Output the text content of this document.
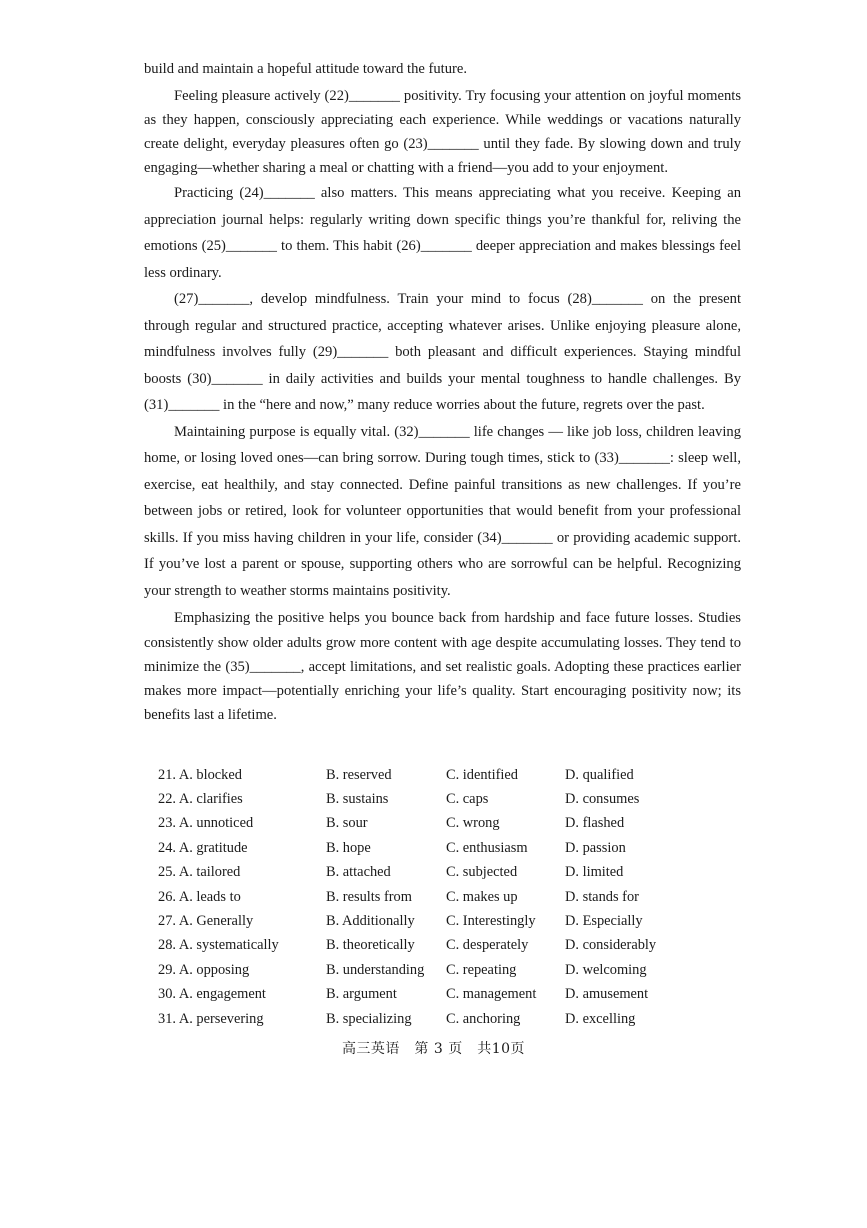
build and maintain a hopeful attitude toward the future.

Feeling pleasure actively (22)_______ positivity. Try focusing your attention on joyful moments as they happen, consciously appreciating each experience. While weddings or vacations naturally create delight, everyday pleasures often go (23)_______ until they fade. By slowing down and truly engaging—whether sharing a meal or chatting with a friend—you add to your enjoyment.

Practicing (24)_______ also matters. This means appreciating what you receive. Keeping an appreciation journal helps: regularly writing down specific things you’re thankful for, reliving the emotions (25)_______ to them. This habit (26)_______ deeper appreciation and makes blessings feel less ordinary.

(27)_______, develop mindfulness. Train your mind to focus (28)_______ on the present through regular and structured practice, accepting whatever arises. Unlike enjoying pleasure alone, mindfulness involves fully (29)_______ both pleasant and difficult experiences. Staying mindful boosts (30)_______ in daily activities and builds your mental toughness to handle challenges. By (31)_______ in the “here and now,” many reduce worries about the future, regrets over the past.

Maintaining purpose is equally vital. (32)_______ life changes — like job loss, children leaving home, or losing loved ones—can bring sorrow. During tough times, stick to (33)_______: sleep well, exercise, eat healthily, and stay connected. Define painful transitions as new challenges. If you’re between jobs or retired, look for volunteer opportunities that would benefit from your professional skills. If you miss having children in your life, consider (34)_______ or providing academic support. If you’ve lost a parent or spouse, supporting others who are sorrowful can be helpful. Recognizing your strength to weather storms maintains positivity.

Emphasizing the positive helps you bounce back from hardship and face future losses. Studies consistently show older adults grow more content with age despite accumulating losses. They tend to minimize the (35)_______, accept limitations, and set realistic goals. Adopting these practices earlier makes more impact—potentially enriching your life’s quality. Start encouraging positivity now; its benefits last a lifetime.

21. A. blocked	B. reserved	C. identified	D. qualified
22. A. clarifies	B. sustains	C. caps	D. consumes
23. A. unnoticed	B. sour	C. wrong	D. flashed
24. A. gratitude	B. hope	C. enthusiasm	D. passion
25. A. tailored	B. attached	C. subjected	D. limited
26. A. leads to	B. results from	C. makes up	D. stands for
27. A. Generally	B. Additionally	C. Interestingly	D. Especially
28. A. systematically	B. theoretically	C. desperately	D. considerably
29. A. opposing	B. understanding	C. repeating	D. welcoming
30. A. engagement	B. argument	C. management	D. amusement
31. A. persevering	B. specializing	C. anchoring	D. excelling
高三英语　第 3 页　共10页
